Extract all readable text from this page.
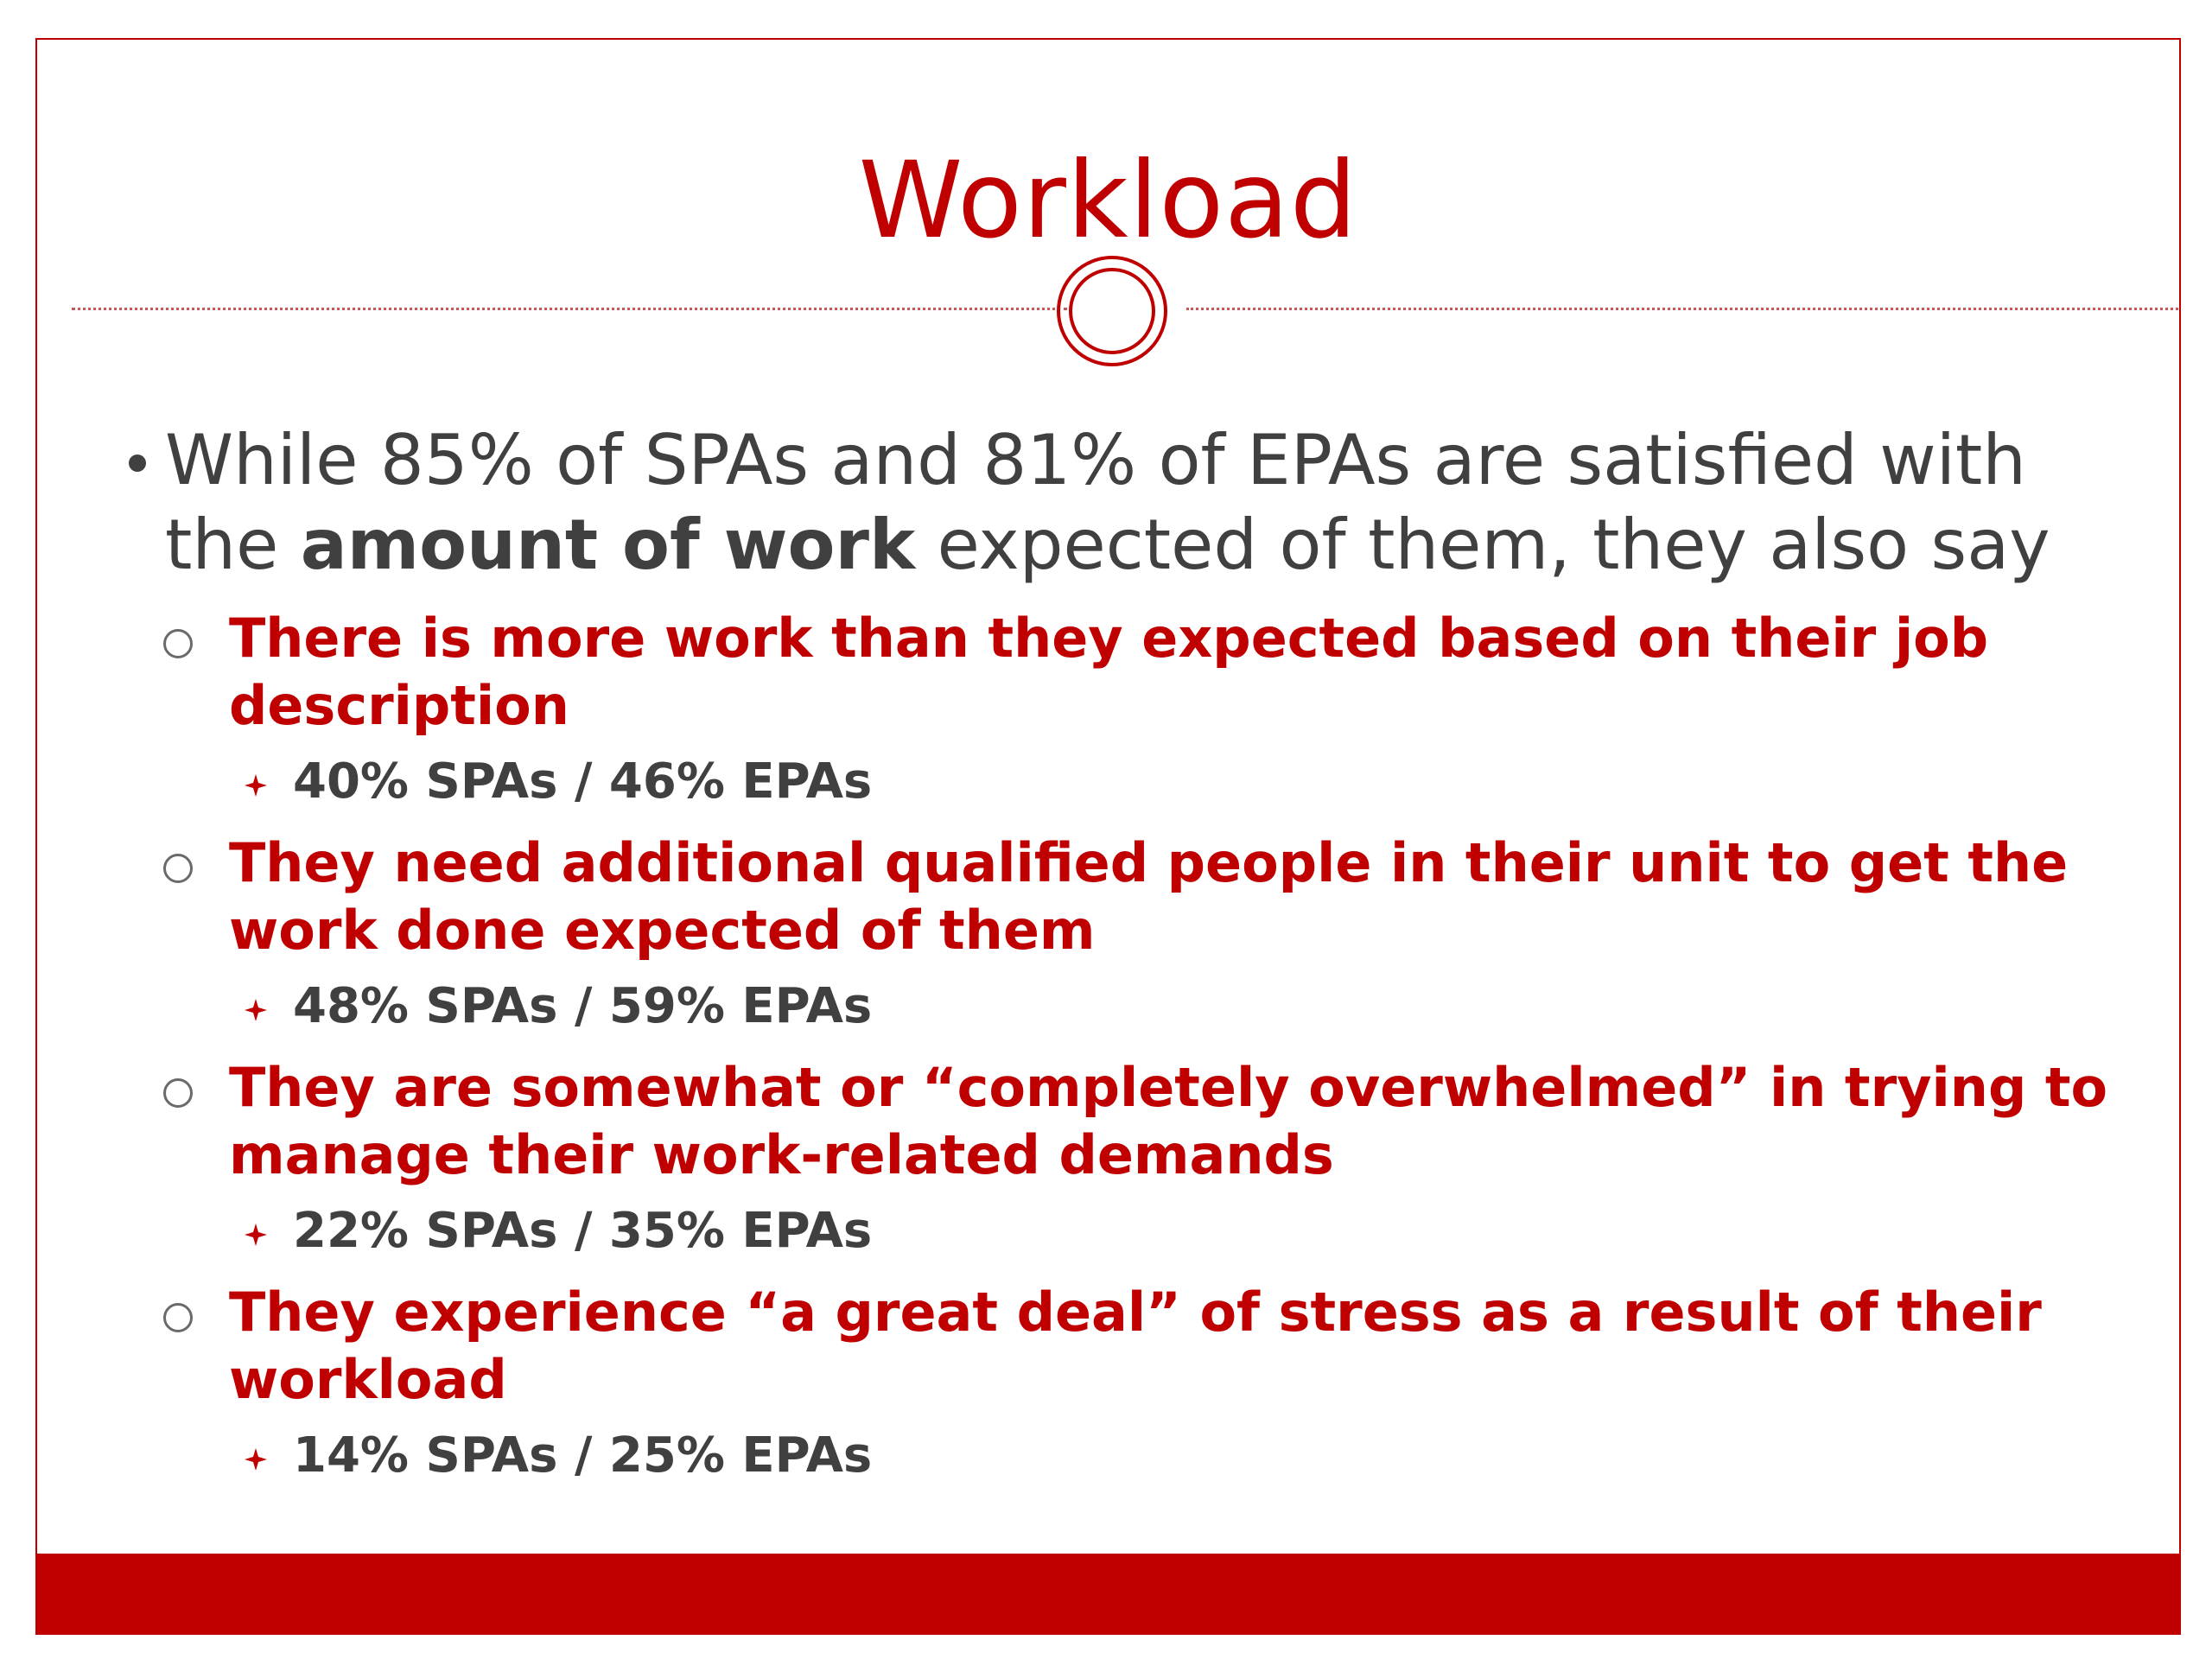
Workload
While 85% of SPAs and 81% of EPAs are satisfied with the amount of work expected of them, they also say
There is more work than they expected based on their job description
40% SPAs / 46% EPAs
They need additional qualified people in their unit to get the work done expected of them
48% SPAs / 59% EPAs
They are somewhat or “completely overwhelmed” in trying to manage their work-related demands
22% SPAs / 35% EPAs
They experience “a great deal” of stress as a result of their workload
14% SPAs / 25% EPAs
